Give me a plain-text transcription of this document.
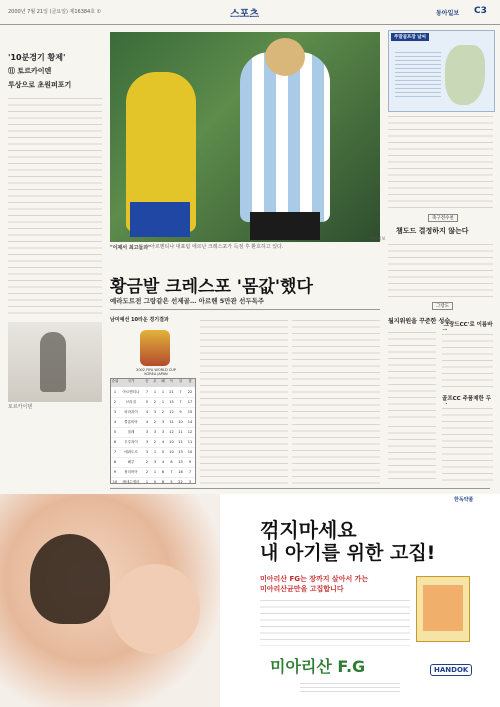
2000년 7월 21일 (금요일) 제16384호 ①	스포츠	동아일보 C3
'10분경기 황제'
⑪ 토르카이덴
투상으로 초원퍼포기
토르카이덴
동아일보
"이제서 최고들과" 아르헨티나 대표팀 에르난 크레스포가 득점 후 환호하고 있다.
황금발 크레스포 '몸값'했다
예라도트전 그랑같은 선제골… 아르헨 5만관 선두독주
남미예선 10라운 경기결과
2002 FIFA WORLD CUP KOREA JAPAN
순위	국가	승	무	패	득	실	점
1	아르헨티나	7	1	1	21	7	22
2	브라질	5	2	1	15	7	17
3	파라과이	4	3	2	12	9	15
4	콜롬비아	4	2	3	11	10	14
5	칠레	3	3	3	12	11	12
6	우루과이	3	2	4	10	11	11
7	에콰도르	3	1	5	10	13	10
8	페루	2	3	4	8	13	9
9	볼리비아	2	1	6	7	18	7
10	베네수엘라	1	0	8	5	22	3
주말골프장 날씨
축구전수천
챔도드 결정하지 않는다
그랑도
월지워원을 꾸준한 성승
'그랑드CC'로 이름바
골프CC 주품제한 두
한독약품
꺾지마세요
내 아기를 위한 고집!
미아리산 FG는 장까지 살아서 가는
미아리산균만을 고집합니다
미아리산 F.G	HANDOK
